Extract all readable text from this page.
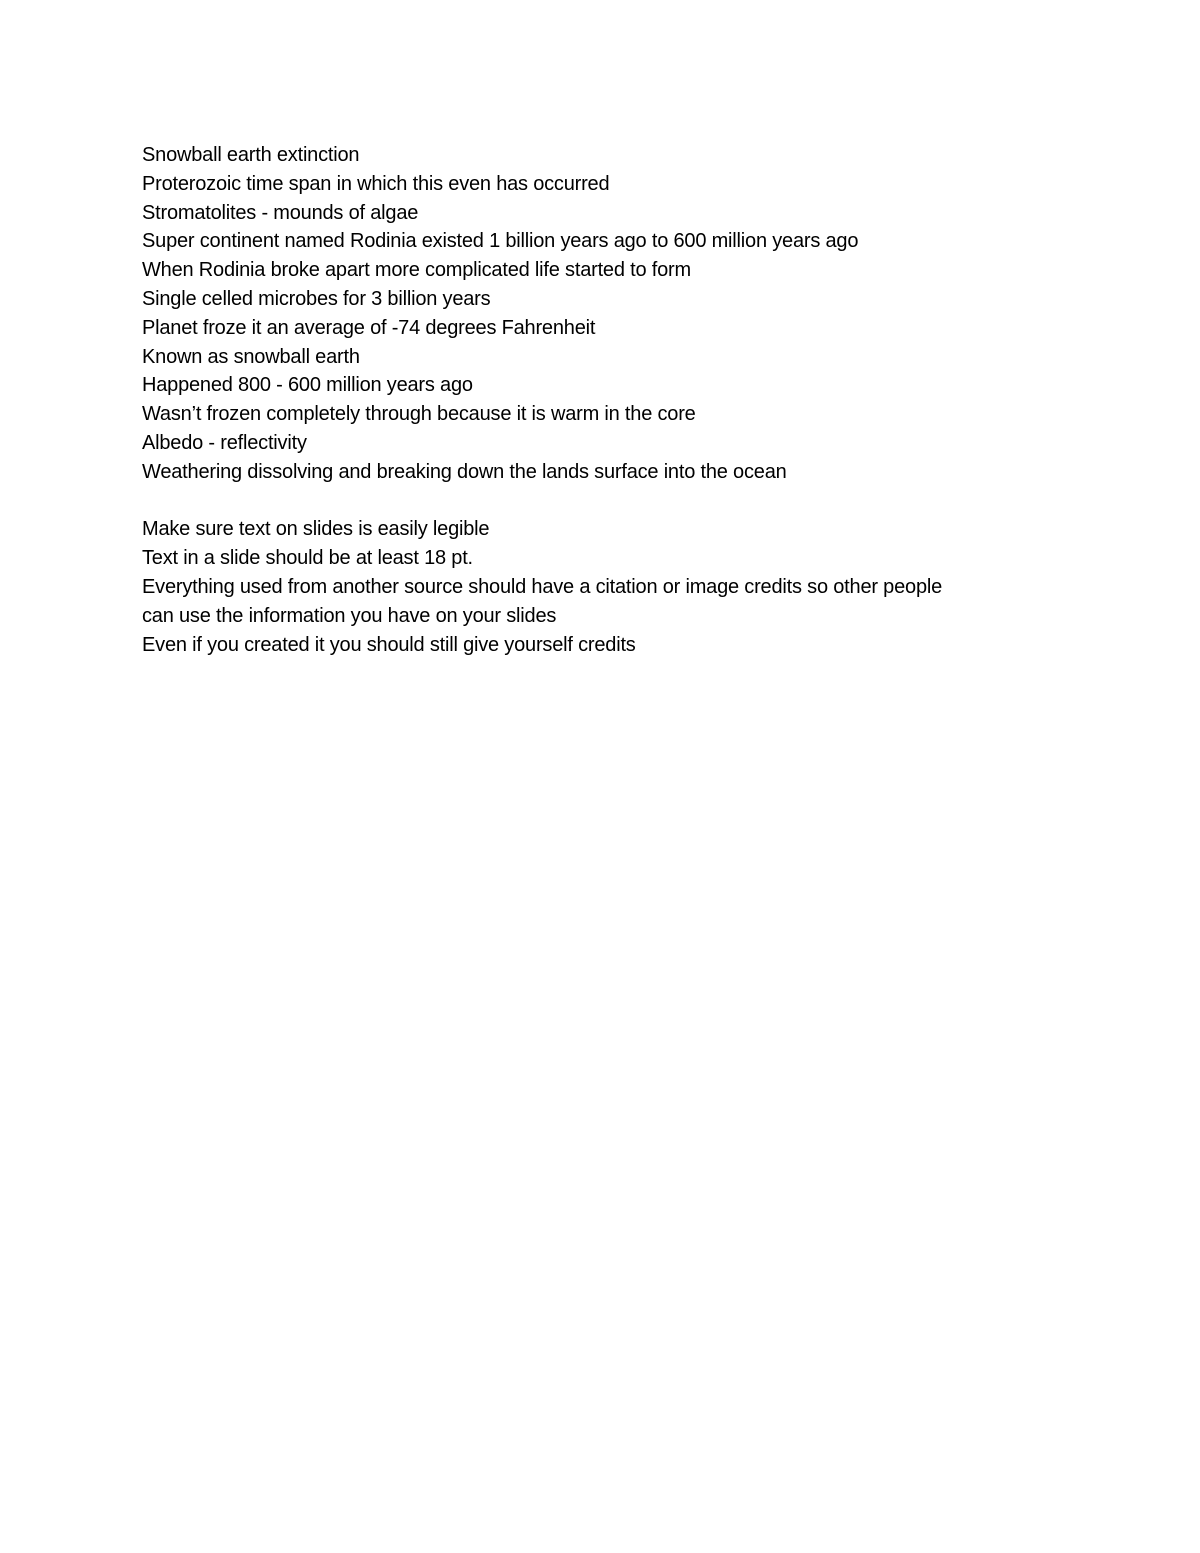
Snowball earth extinction
Proterozoic time span in which this even has occurred
Stromatolites - mounds of algae
Super continent named Rodinia existed 1 billion years ago to 600 million years ago
When Rodinia broke apart more complicated life started to form
Single celled microbes for 3 billion years
Planet froze it an average of -74 degrees Fahrenheit
Known as snowball earth
Happened 800 - 600 million years ago
Wasn’t frozen completely through because it is warm in the core
Albedo - reflectivity
Weathering dissolving and breaking down the lands surface into the ocean
Make sure text on slides is easily legible
Text in a slide should be at least 18 pt.
Everything used from another source should have a citation or image credits so other people
can use the information you have on your slides
Even if you created it you should still give yourself credits
